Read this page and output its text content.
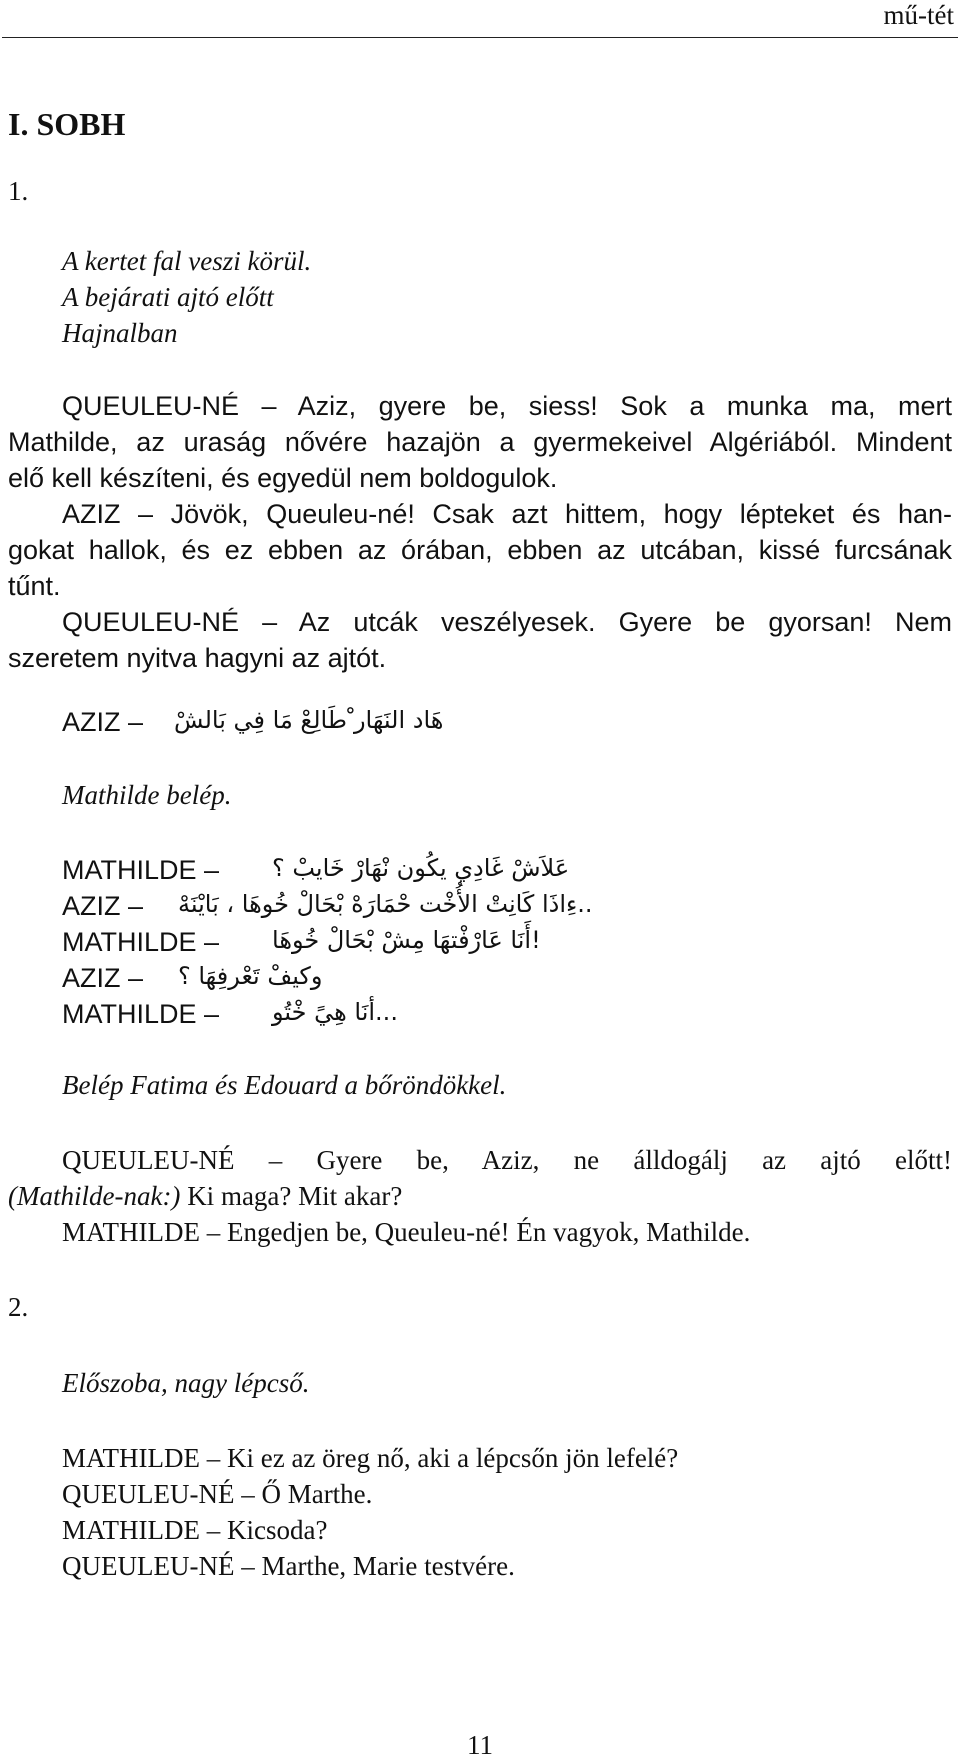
mű-tét
I. SOBH
1.
A kertet fal veszi körül.
A bejárati ajtó előtt
Hajnalban
QUEULEU-NÉ – Aziz, gyere be, siess! Sok a munka ma, mert
Mathilde, az uraság nővére hazajön a gyermekeivel Algériából. Mindent
elő kell készíteni, és egyedül nem boldogulok.
AZIZ – Jövök, Queuleu-né! Csak azt hittem, hogy lépteket és han-
gokat hallok, és ez ebben az órában, ebben az utcában, kissé furcsának
tűnt.
QUEULEU-NÉ – Az utcák veszélyesek. Gyere be gyorsan! Nem
szeretem nyitva hagyni az ajtót.
AZIZ – هَاد النَهَار ْطَالِعْ مَا فِي بَالشْ
Mathilde belép.
MATHILDE – عَلاَشْ غَادِي يكُون نْهَارْ خَايبْ ؟
AZIZ – ..ءِاذَا كَانِتْ الأُخْت حْمَارَهْ بْحَالْ خُوهَا ، بَايْنَهْ
MATHILDE – !أَنَا عَارْفْتهَا مِشْ بْحَالْ خُوهَا
AZIZ – وكيفْ تَعْرفِهَا ؟
MATHILDE – ...أنَا هِيً خْتُو
Belép Fatima és Edouard a bőröndökkel.
QUEULEU-NÉ – Gyere be, Aziz, ne álldogálj az ajtó előtt!
(Mathilde-nak:) Ki maga? Mit akar?
MATHILDE – Engedjen be, Queuleu-né! Én vagyok, Mathilde.
2.
Előszoba, nagy lépcső.
MATHILDE – Ki ez az öreg nő, aki a lépcsőn jön lefelé?
QUEULEU-NÉ – Ő Marthe.
MATHILDE – Kicsoda?
QUEULEU-NÉ – Marthe, Marie testvére.
11
